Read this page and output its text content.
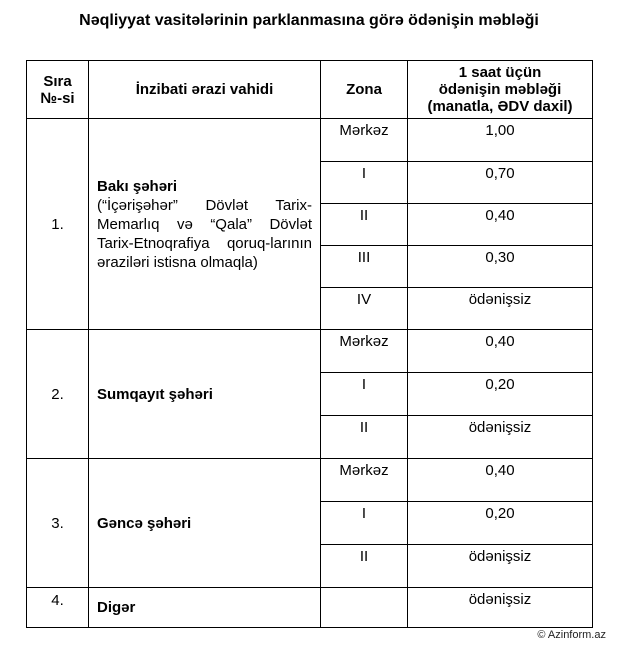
Nəqliyyat vasitələrinin parklanmasına görə ödənişin məbləği
Sıra
№-si	İnzibati ərazi vahidi	Zona	1 saat üçün
ödənişin məbləği
(manatla, ƏDV daxil)
1.	Bakı şəhəri
(“İçərişəhər” Dövlət Tarix-Memarlıq və “Qala” Dövlət Tarix-Etnoqrafiya qoruq-larının əraziləri istisna olmaqla)	Mərkəz	1,00
		I	0,70
		II	0,40
		III	0,30
		IV	ödənişsiz
2.	Sumqayıt şəhəri	Mərkəz	0,40
		I	0,20
		II	ödənişsiz
3.	Gəncə şəhəri	Mərkəz	0,40
		I	0,20
		II	ödənişsiz
4.	Digər		ödənişsiz
© Azinform.az
